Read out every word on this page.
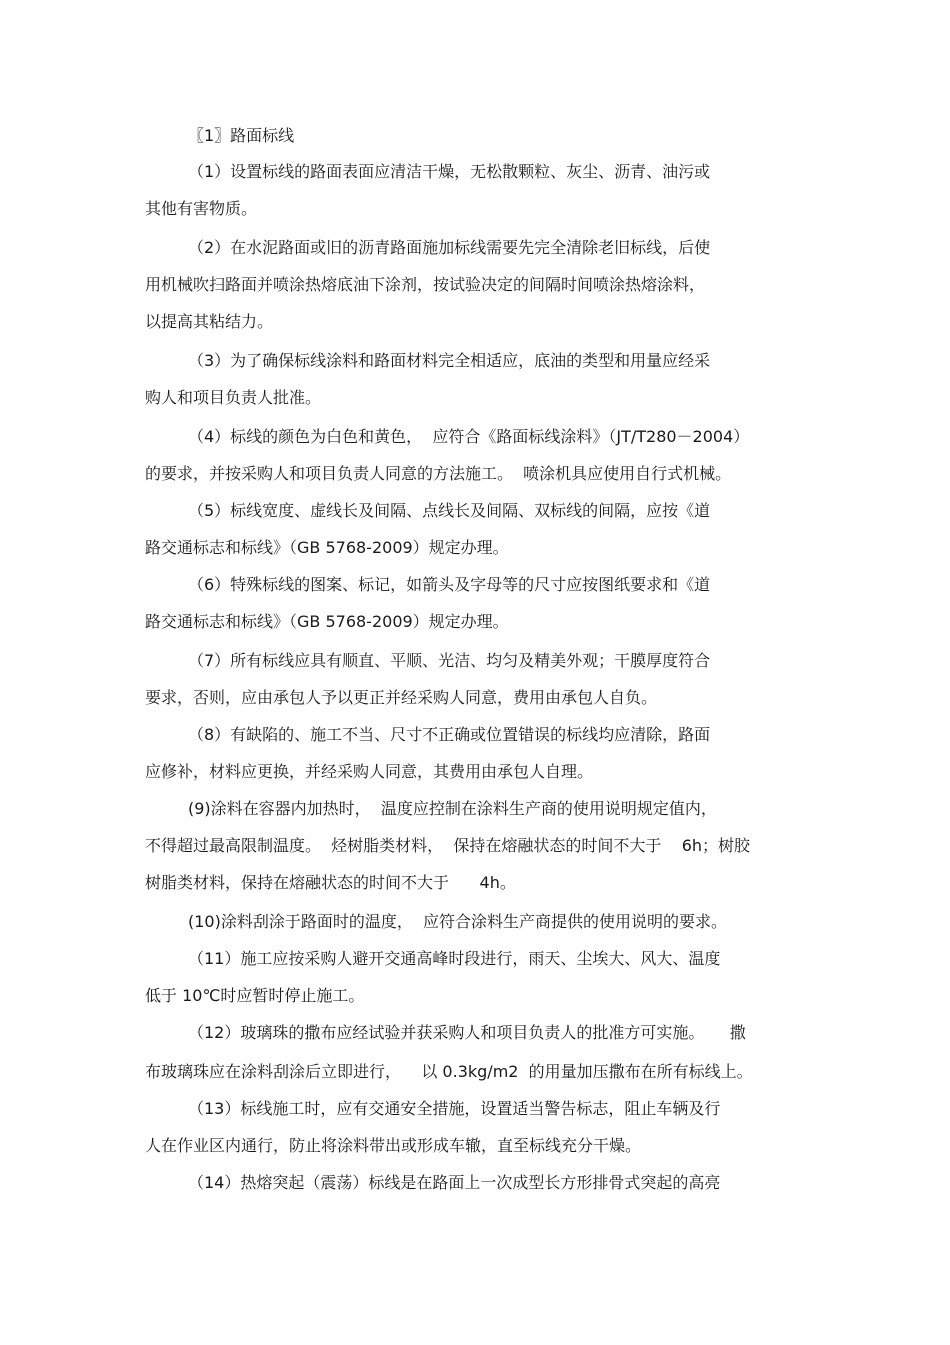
〖1〗路面标线
（1）设置标线的路面表面应清洁干燥，无松散颗粒、灰尘、沥青、油污或
其他有害物质。
（2）在水泥路面或旧的沥青路面施加标线需要先完全清除老旧标线，后使
用机械吹扫路面并喷涂热熔底油下涂剂，按试验决定的间隔时间喷涂热熔涂料，
以提高其粘结力。
（3）为了确保标线涂料和路面材料完全相适应，底油的类型和用量应经采
购人和项目负责人批准。
（4）标线的颜色为白色和黄色，  应符合《路面标线涂料》（JT/T280－2004）
的要求，并按采购人和项目负责人同意的方法施工。  喷涂机具应使用自行式机械。
（5）标线宽度、虚线长及间隔、点线长及间隔、双标线的间隔，应按《道
路交通标志和标线》（GB 5768-2009）规定办理。
（6）特殊标线的图案、标记，如箭头及字母等的尺寸应按图纸要求和《道
路交通标志和标线》（GB 5768-2009）规定办理。
（7）所有标线应具有顺直、平顺、光洁、均匀及精美外观；干膜厚度符合
要求，否则，应由承包人予以更正并经采购人同意，费用由承包人自负。
（8）有缺陷的、施工不当、尺寸不正确或位置错误的标线均应清除，路面
应修补，材料应更换，并经采购人同意，其费用由承包人自理。
(9)涂料在容器内加热时，  温度应控制在涂料生产商的使用说明规定值内，
不得超过最高限制温度。  烃树脂类材料，  保持在熔融状态的时间不大于    6h；树胶
树脂类材料，保持在熔融状态的时间不大于      4h。
(10)涂料刮涂于路面时的温度，  应符合涂料生产商提供的使用说明的要求。
（11）施工应按采购人避开交通高峰时段进行，雨天、尘埃大、风大、温度
低于 10℃时应暂时停止施工。
（12）玻璃珠的撒布应经试验并获采购人和项目负责人的批准方可实施。     撒
布玻璃珠应在涂料刮涂后立即进行，    以 0.3kg/m2  的用量加压撒布在所有标线上。
（13）标线施工时，应有交通安全措施，设置适当警告标志，阻止车辆及行
人在作业区内通行，防止将涂料带出或形成车辙，直至标线充分干燥。
（14）热熔突起（震荡）标线是在路面上一次成型长方形排骨式突起的高亮
